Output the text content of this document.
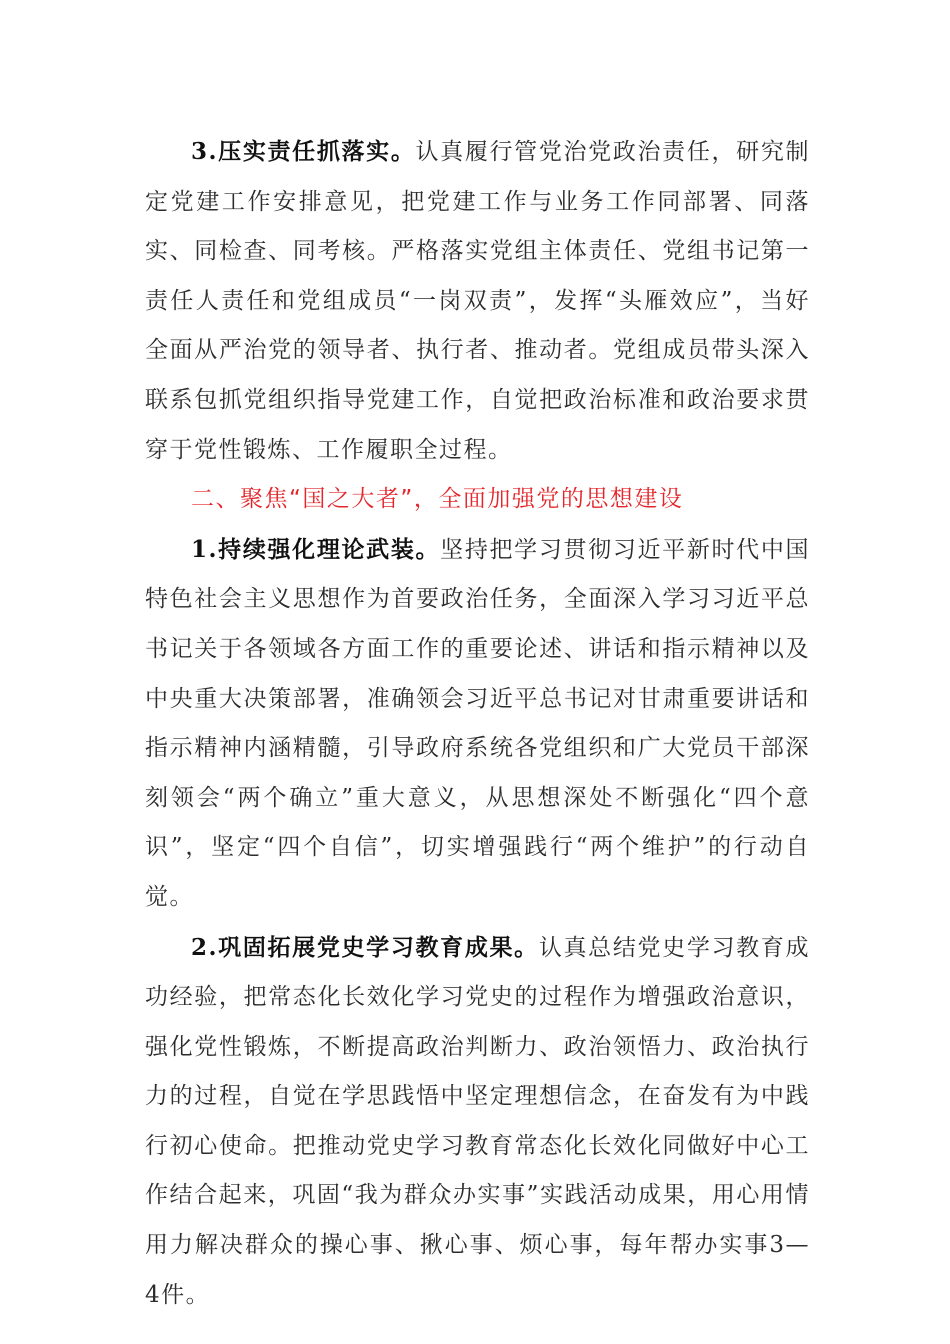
3.压实责任抓落实。认真履行管党治党政治责任，研究制定党建工作安排意见，把党建工作与业务工作同部署、同落实、同检查、同考核。严格落实党组主体责任、党组书记第一责任人责任和党组成员“一岗双责”，发挥“头雁效应”，当好全面从严治党的领导者、执行者、推动者。党组成员带头深入联系包抓党组织指导党建工作，自觉把政治标准和政治要求贯穿于党性锻炼、工作履职全过程。

二、聚焦“国之大者”，全面加强党的思想建设

1.持续强化理论武装。坚持把学习贯彻习近平新时代中国特色社会主义思想作为首要政治任务，全面深入学习习近平总书记关于各领域各方面工作的重要论述、讲话和指示精神以及中央重大决策部署，准确领会习近平总书记对甘肃重要讲话和指示精神内涵精髓，引导政府系统各党组织和广大党员干部深刻领会“两个确立”重大意义，从思想深处不断强化“四个意识”，坚定“四个自信”，切实增强践行“两个维护”的行动自觉。

2.巩固拓展党史学习教育成果。认真总结党史学习教育成功经验，把常态化长效化学习党史的过程作为增强政治意识，强化党性锻炼，不断提高政治判断力、政治领悟力、政治执行力的过程，自觉在学思践悟中坚定理想信念，在奋发有为中践行初心使命。把推动党史学习教育常态化长效化同做好中心工作结合起来，巩固“我为群众办实事”实践活动成果，用心用情用力解决群众的操心事、揪心事、烦心事，每年帮办实事3—4件。
